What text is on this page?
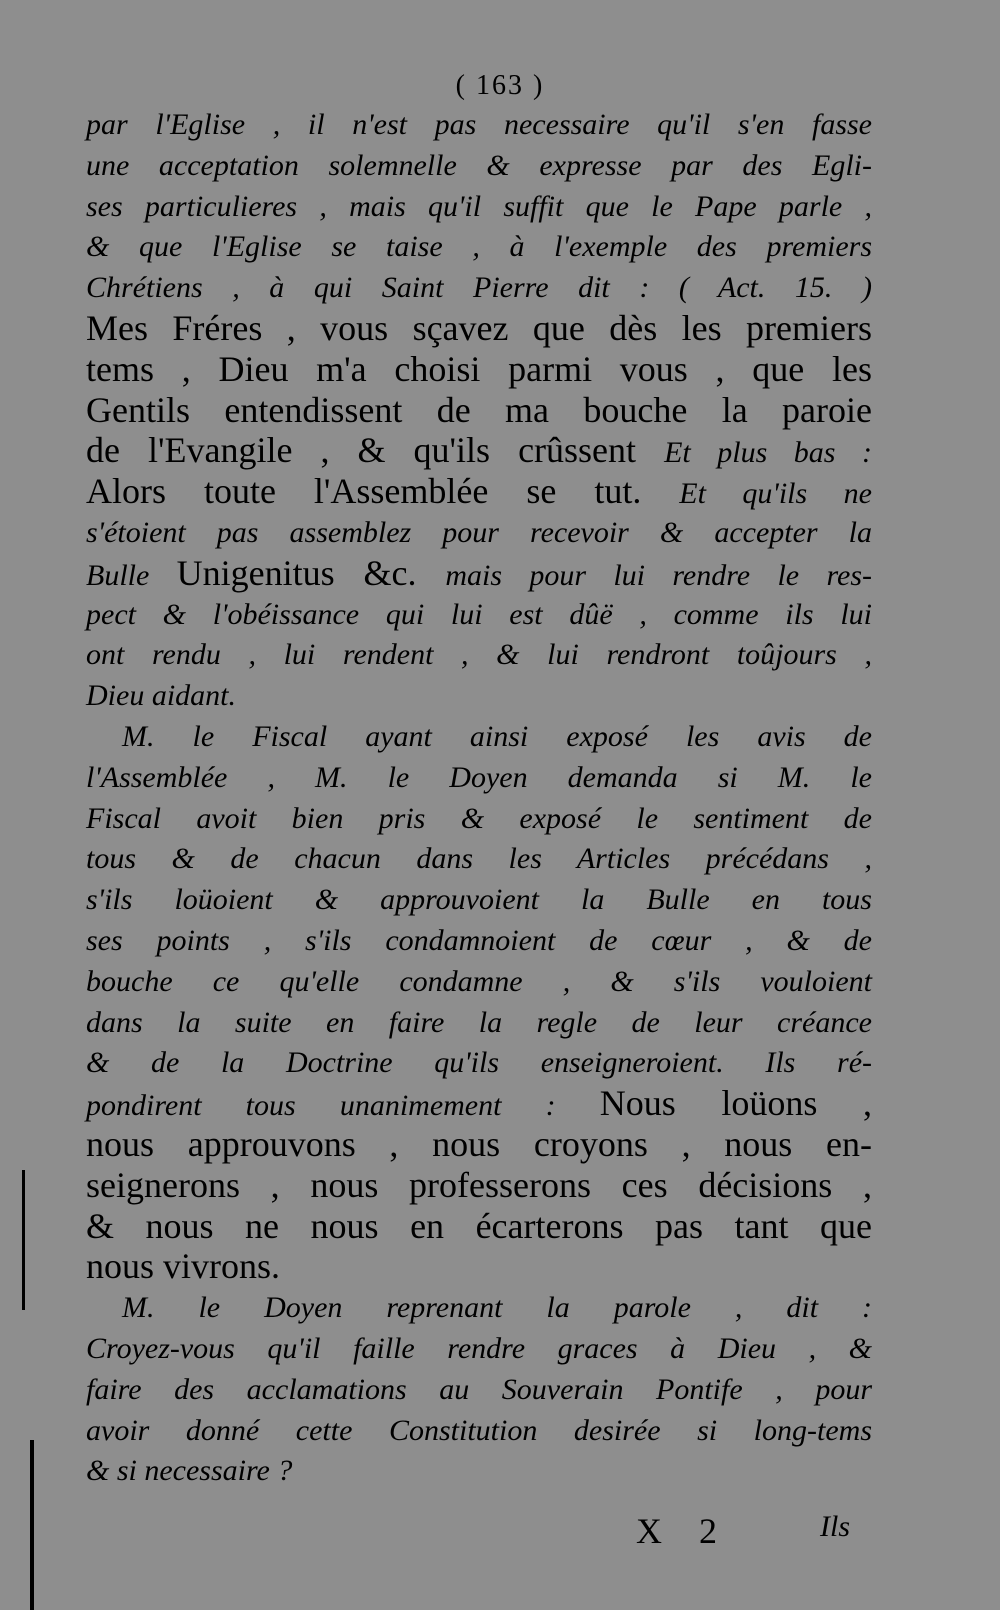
( 163 )
par l'Eglise , il n'est pas necessaire qu'il s'en fasse
une acceptation solemnelle & expresse par des Egli-
ses particulieres , mais qu'il suffit que le Pape parle ,
& que l'Eglise se taise , à l'exemple des premiers
Chrétiens , à qui Saint Pierre dit : ( Act. 15. )
Mes Fréres , vous sçavez que dès les premiers
tems , Dieu m'a choisi parmi vous , que les
Gentils entendissent de ma bouche la paroie
de l'Evangile , & qu'ils crûssent Et plus bas :
Alors toute l'Assemblée se tut. Et qu'ils ne
s'étoient pas assemblez pour recevoir & accepter la
Bulle Unigenitus &c. mais pour lui rendre le res-
pect & l'obéissance qui lui est dûë , comme ils lui
ont rendu , lui rendent , & lui rendront toûjours ,
Dieu aidant.
M. le Fiscal ayant ainsi exposé les avis de
l'Assemblée , M. le Doyen demanda si M. le
Fiscal avoit bien pris & exposé le sentiment de
tous & de chacun dans les Articles précédans ,
s'ils loüoient & approuvoient la Bulle en tous
ses points , s'ils condamnoient de cœur , & de
bouche ce qu'elle condamne , & s'ils vouloient
dans la suite en faire la regle de leur créance
& de la Doctrine qu'ils enseigneroient. Ils ré-
pondirent tous unanimement : Nous loüons ,
nous approuvons , nous croyons , nous en-
seignerons , nous professerons ces décisions ,
& nous ne nous en écarterons pas tant que
nous vivrons.
M. le Doyen reprenant la parole , dit :
Croyez-vous qu'il faille rendre graces à Dieu , &
faire des acclamations au Souverain Pontife , pour
avoir donné cette Constitution desirée si long-tems
& si necessaire ?
X 2	Ils
